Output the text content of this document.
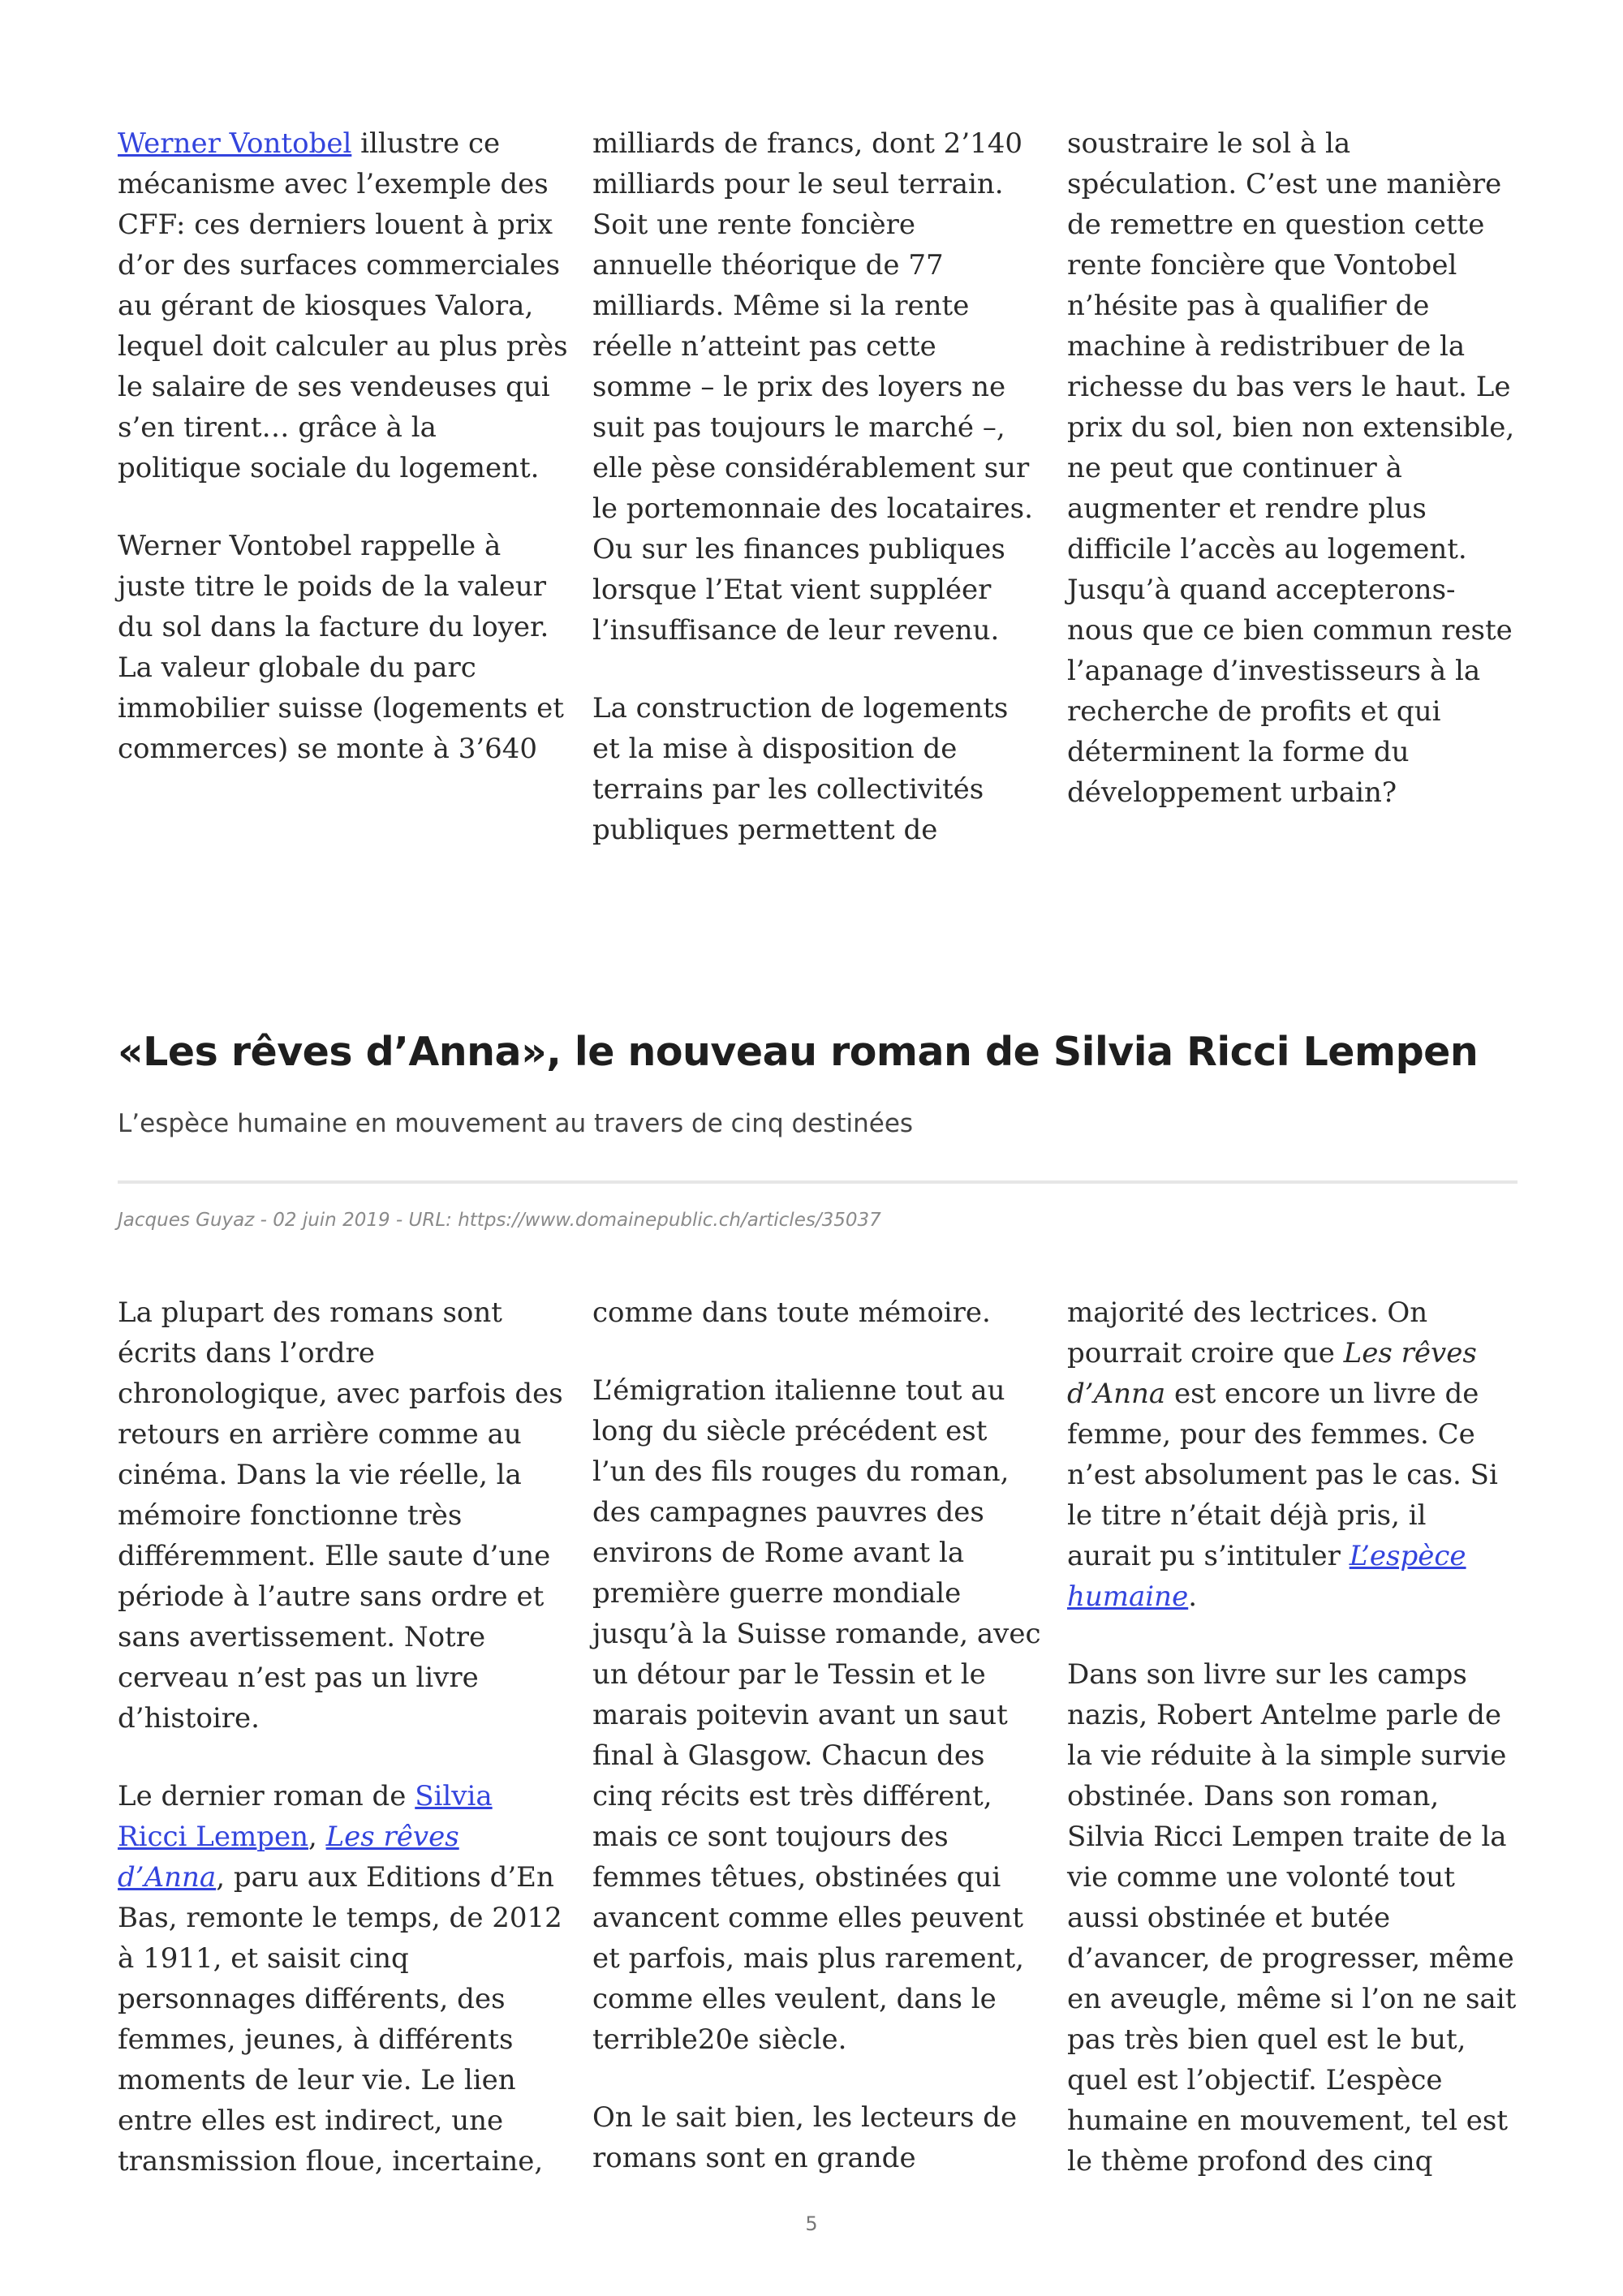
Werner Vontobel illustre ce mécanisme avec l’exemple des CFF: ces derniers louent à prix d’or des surfaces commerciales au gérant de kiosques Valora, lequel doit calculer au plus près le salaire de ses vendeuses qui s’en tirent… grâce à la politique sociale du logement.

Werner Vontobel rappelle à juste titre le poids de la valeur du sol dans la facture du loyer. La valeur globale du parc immobilier suisse (logements et commerces) se monte à 3’640

milliards de francs, dont 2’140 milliards pour le seul terrain. Soit une rente foncière annuelle théorique de 77 milliards. Même si la rente réelle n’atteint pas cette somme – le prix des loyers ne suit pas toujours le marché –, elle pèse considérablement sur le portemonnaie des locataires. Ou sur les finances publiques lorsque l’Etat vient suppléer l’insuffisance de leur revenu.

La construction de logements et la mise à disposition de terrains par les collectivités publiques permettent de

soustraire le sol à la spéculation. C’est une manière de remettre en question cette rente foncière que Vontobel n’hésite pas à qualifier de machine à redistribuer de la richesse du bas vers le haut. Le prix du sol, bien non extensible, ne peut que continuer à augmenter et rendre plus difficile l’accès au logement. Jusqu’à quand accepterons-nous que ce bien commun reste l’apanage d’investisseurs à la recherche de profits et qui déterminent la forme du développement urbain?

«Les rêves d’Anna», le nouveau roman de Silvia Ricci Lempen

L’espèce humaine en mouvement au travers de cinq destinées

Jacques Guyaz - 02 juin 2019 - URL: https://www.domainepublic.ch/articles/35037

La plupart des romans sont écrits dans l’ordre chronologique, avec parfois des retours en arrière comme au cinéma. Dans la vie réelle, la mémoire fonctionne très différemment. Elle saute d’une période à l’autre sans ordre et sans avertissement. Notre cerveau n’est pas un livre d’histoire.

Le dernier roman de Silvia Ricci Lempen, Les rêves d’Anna, paru aux Editions d’En Bas, remonte le temps, de 2012 à 1911, et saisit cinq personnages différents, des femmes, jeunes, à différents moments de leur vie. Le lien entre elles est indirect, une transmission floue, incertaine,

comme dans toute mémoire.

L’émigration italienne tout au long du siècle précédent est l’un des fils rouges du roman, des campagnes pauvres des environs de Rome avant la première guerre mondiale jusqu’à la Suisse romande, avec un détour par le Tessin et le marais poitevin avant un saut final à Glasgow. Chacun des cinq récits est très différent, mais ce sont toujours des femmes têtues, obstinées qui avancent comme elles peuvent et parfois, mais plus rarement, comme elles veulent, dans le terrible20e siècle.

On le sait bien, les lecteurs de romans sont en grande

majorité des lectrices. On pourrait croire que Les rêves d’Anna est encore un livre de femme, pour des femmes. Ce n’est absolument pas le cas. Si le titre n’était déjà pris, il aurait pu s’intituler L’espèce humaine.

Dans son livre sur les camps nazis, Robert Antelme parle de la vie réduite à la simple survie obstinée. Dans son roman, Silvia Ricci Lempen traite de la vie comme une volonté tout aussi obstinée et butée d’avancer, de progresser, même en aveugle, même si l’on ne sait pas très bien quel est le but, quel est l’objectif. L’espèce humaine en mouvement, tel est le thème profond des cinq

5
